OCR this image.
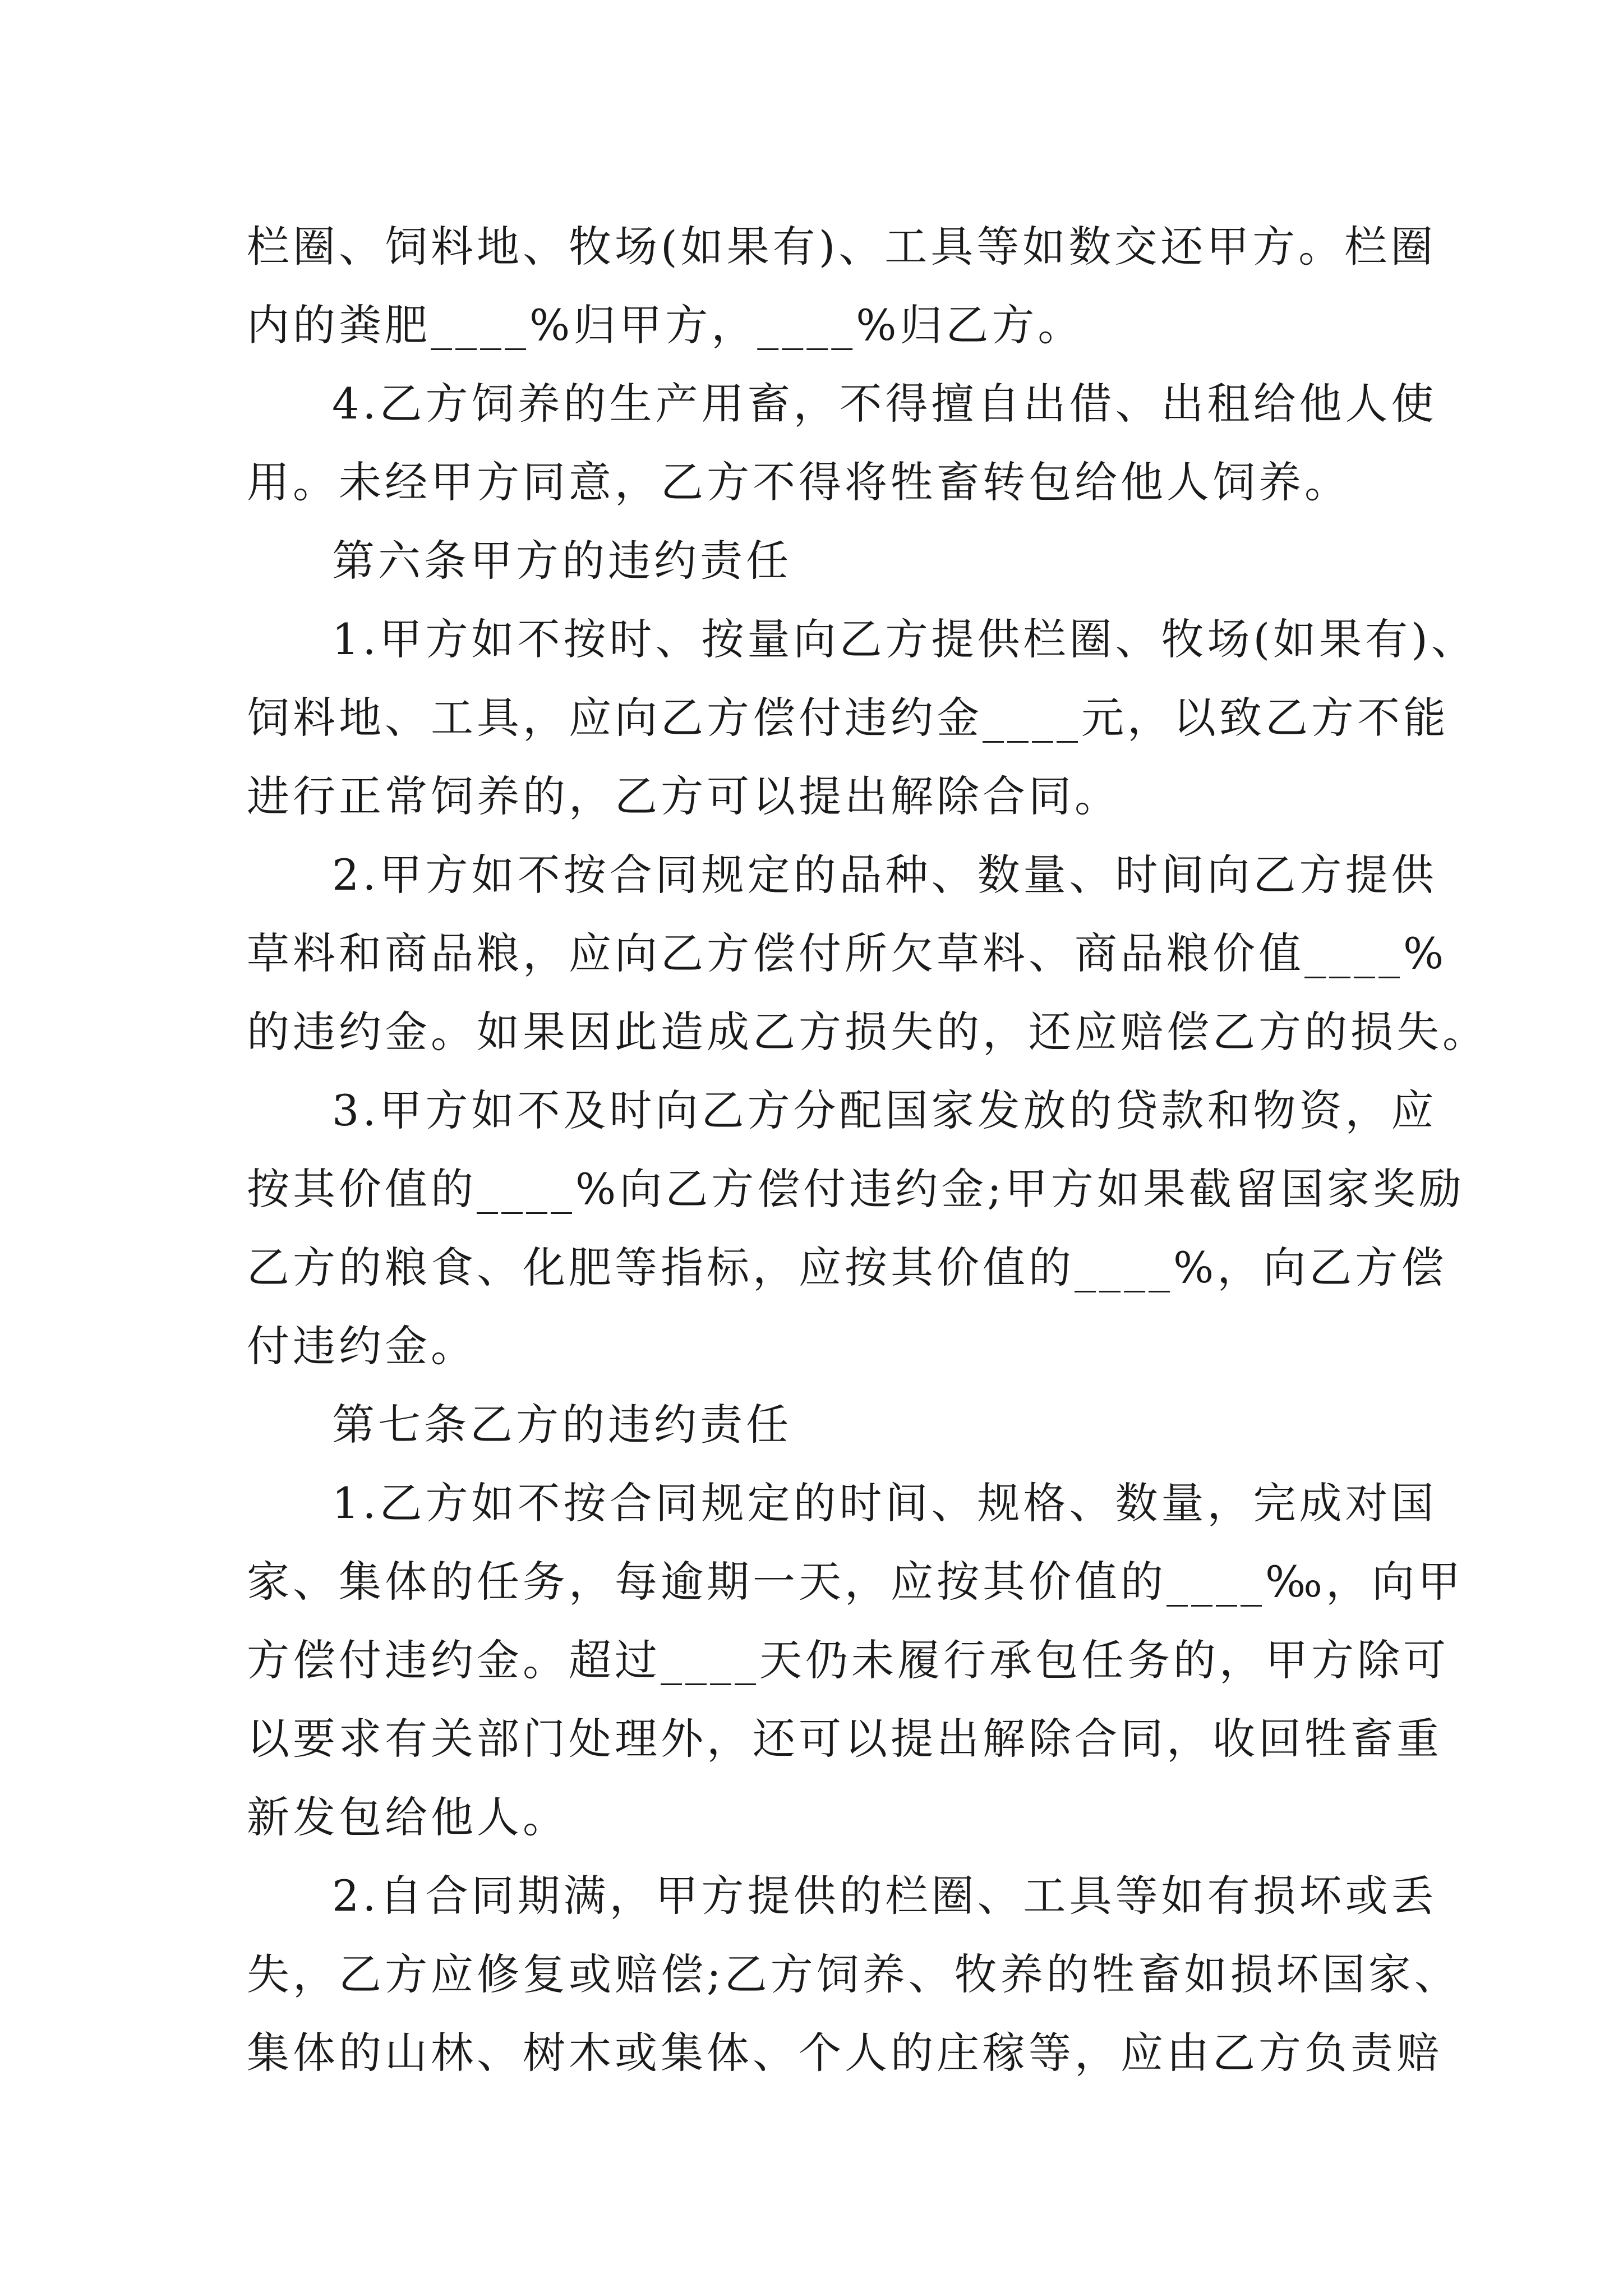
栏圈、饲料地、牧场(如果有)、工具等如数交还甲方。栏圈
内的粪肥____%归甲方，____%归乙方。
4.乙方饲养的生产用畜，不得擅自出借、出租给他人使
用。未经甲方同意，乙方不得将牲畜转包给他人饲养。
第六条甲方的违约责任
1.甲方如不按时、按量向乙方提供栏圈、牧场(如果有)、
饲料地、工具，应向乙方偿付违约金____元，以致乙方不能
进行正常饲养的，乙方可以提出解除合同。
2.甲方如不按合同规定的品种、数量、时间向乙方提供
草料和商品粮，应向乙方偿付所欠草料、商品粮价值____%
的违约金。如果因此造成乙方损失的，还应赔偿乙方的损失。
3.甲方如不及时向乙方分配国家发放的贷款和物资，应
按其价值的____%向乙方偿付违约金;甲方如果截留国家奖励
乙方的粮食、化肥等指标，应按其价值的____%，向乙方偿
付违约金。
第七条乙方的违约责任
1.乙方如不按合同规定的时间、规格、数量，完成对国
家、集体的任务，每逾期一天，应按其价值的____‰，向甲
方偿付违约金。超过____天仍未履行承包任务的，甲方除可
以要求有关部门处理外，还可以提出解除合同，收回牲畜重
新发包给他人。
2.自合同期满，甲方提供的栏圈、工具等如有损坏或丢
失，乙方应修复或赔偿;乙方饲养、牧养的牲畜如损坏国家、
集体的山林、树木或集体、个人的庄稼等，应由乙方负责赔
